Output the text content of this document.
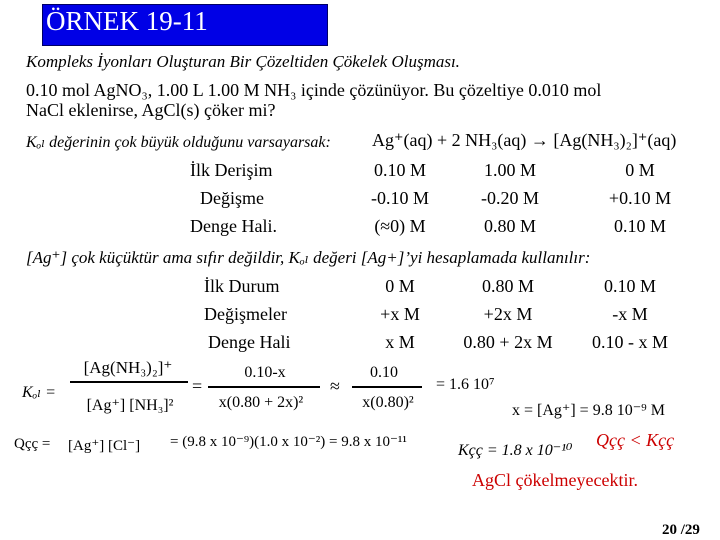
ÖRNEK 19-11
Kompleks İyonları Oluşturan Bir Çözeltiden Çökelek Oluşması.
0.10 mol AgNO₃, 1.00 L 1.00 M NH₃ içinde çözünüyor. Bu çözeltiye 0.010 mol
NaCl eklenirse, AgCl(s) çöker mi?
Kₒₗ değerinin çok büyük olduğunu varsayarsak: Ag⁺(aq) + 2 NH₃(aq) → [Ag(NH₃)₂]⁺(aq)
İlk Derişim	0.10 M	1.00 M	0 M
Değişme	-0.10 M	-0.20 M	+0.10 M
Denge Hali.	(≈0) M	0.80 M	0.10 M
[Ag⁺] çok küçüktür ama sıfır değildir, Kₒₗ değeri [Ag+]’yi hesaplamada kullanılır:
İlk Durum	0 M	0.80 M	0.10 M
Değişmeler	+x M	+2x M	-x M
Denge Hali	x M	0.80 + 2x M	0.10 - x M
Kₒₗ =
[Ag(NH₃)₂]⁺
[Ag⁺] [NH₃]²
=
0.10-x
x(0.80 + 2x)²
≈
0.10
x(0.80)²
= 1.6 10⁷
x = [Ag⁺] = 9.8 10⁻⁹ M
Qçç = [Ag⁺] [Cl⁻] = (9.8 x 10⁻⁹)(1.0 x 10⁻²) = 9.8 x 10⁻¹¹	Kçç = 1.8 x 10⁻¹⁰
Qçç < Kçç
AgCl çökelmeyecektir.
20 /29
